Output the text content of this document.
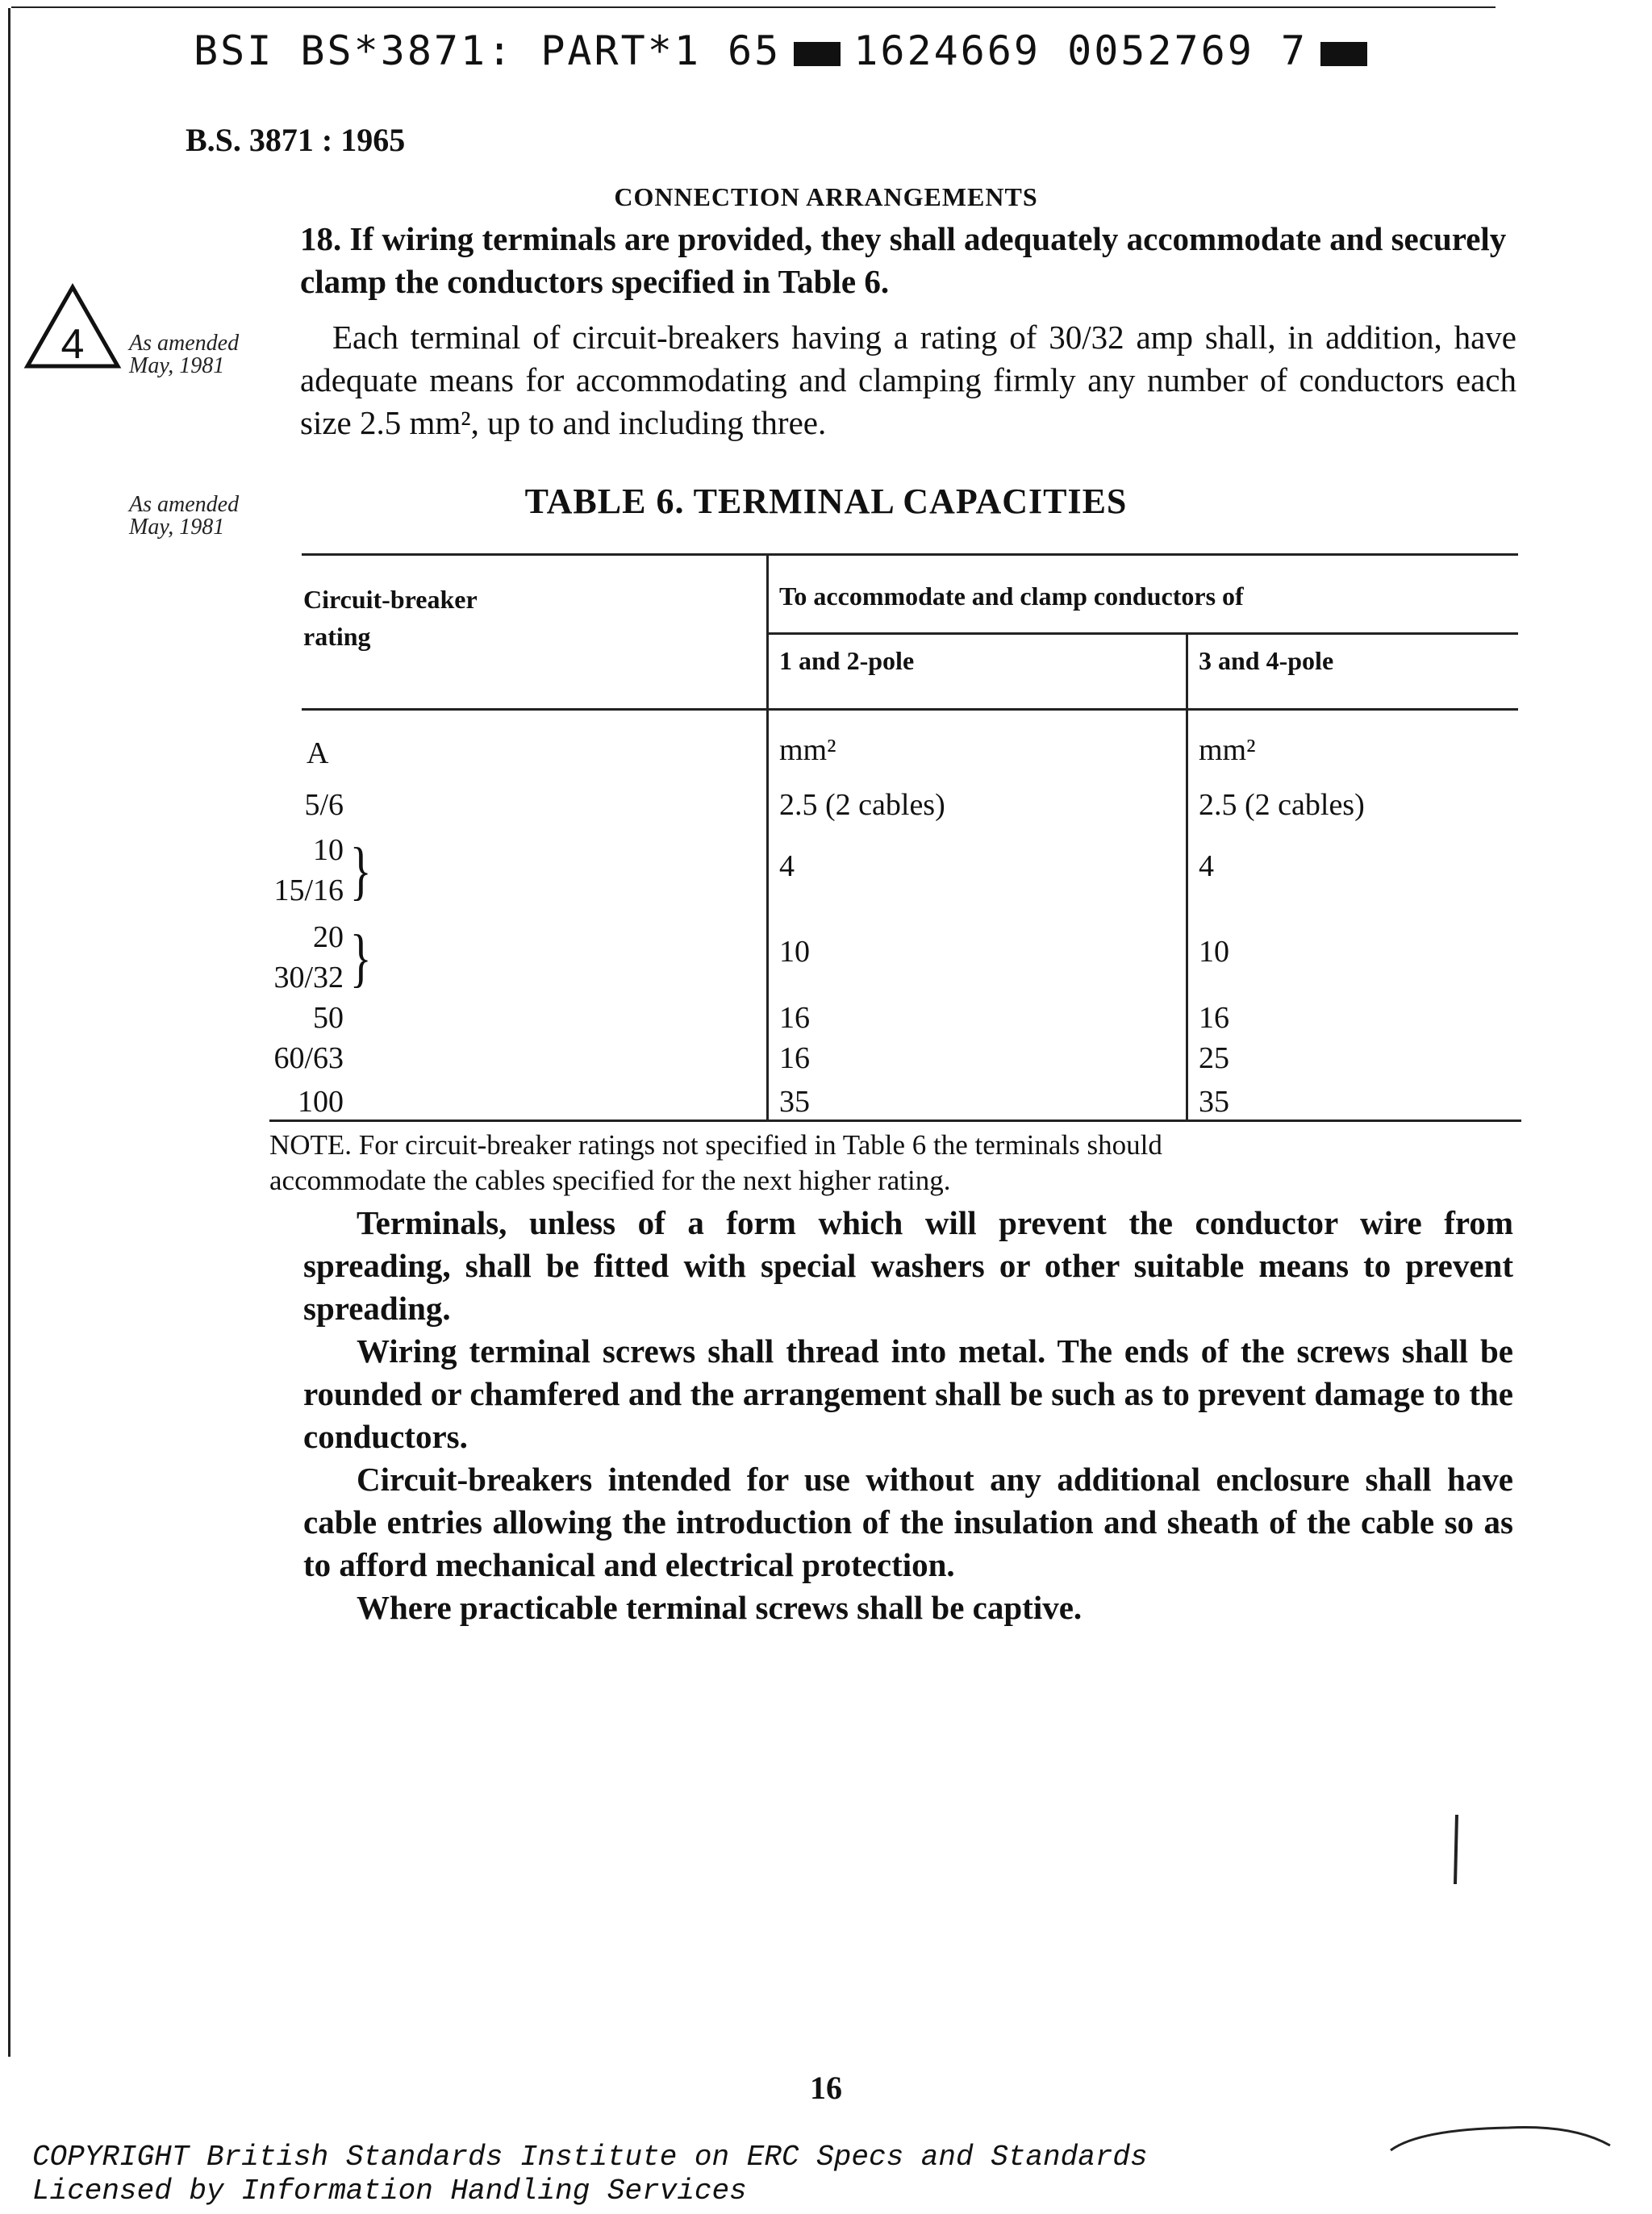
BSI BS*3871: PART*1 65 1624669 0052769 7
B.S. 3871 : 1965
CONNECTION ARRANGEMENTS
18. If wiring terminals are provided, they shall adequately accommodate and securely clamp the conductors specified in Table 6.
4 As amended
May, 1981
Each terminal of circuit-breakers having a rating of 30/32 amp shall, in addition, have adequate means for accommodating and clamping firmly any number of conductors each size 2.5 mm², up to and including three.
As amended
May, 1981
TABLE 6. TERMINAL CAPACITIES
Circuit-breaker rating
To accommodate and clamp conductors of
1 and 2-pole	3 and 4-pole
A	mm²	mm²
5/6	2.5 (2 cables)	2.5 (2 cables)
10
15/16 }	4	4
20
30/32 }	10	10
50	16	16
60/63	16	25
100	35	35
NOTE. For circuit-breaker ratings not specified in Table 6 the terminals should
accommodate the cables specified for the next higher rating.

Terminals, unless of a form which will prevent the conductor wire from spreading, shall be fitted with special washers or other suitable means to prevent spreading.

Wiring terminal screws shall thread into metal. The ends of the screws shall be rounded or chamfered and the arrangement shall be such as to prevent damage to the conductors.

Circuit-breakers intended for use without any additional enclosure shall have cable entries allowing the introduction of the insulation and sheath of the cable so as to afford mechanical and electrical protection.

Where practicable terminal screws shall be captive.

16
COPYRIGHT British Standards Institute on ERC Specs and Standards
Licensed by Information Handling Services
